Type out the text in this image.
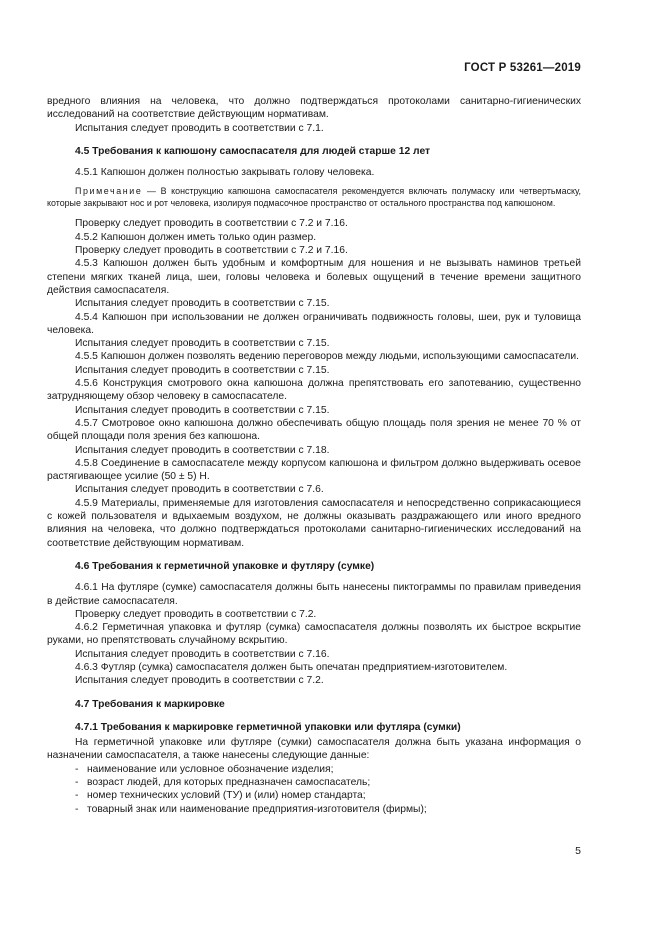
ГОСТ Р 53261—2019
вредного влияния на человека, что должно подтверждаться протоколами санитарно-гигиенических исследований на соответствие действующим нормативам.
Испытания следует проводить в соответствии с 7.1.
4.5 Требования к капюшону самоспасателя для людей старше 12 лет
4.5.1 Капюшон должен полностью закрывать голову человека.
Примечание — В конструкцию капюшона самоспасателя рекомендуется включать полумаску или четвертьмаску, которые закрывают нос и рот человека, изолируя подмасочное пространство от остального пространства под капюшоном.
Проверку следует проводить в соответствии с 7.2 и 7.16.
4.5.2 Капюшон должен иметь только один размер.
Проверку следует проводить в соответствии с 7.2 и 7.16.
4.5.3 Капюшон должен быть удобным и комфортным для ношения и не вызывать наминов третьей степени мягких тканей лица, шеи, головы человека и болевых ощущений в течение времени защитного действия самоспасателя.
Испытания следует проводить в соответствии с 7.15.
4.5.4 Капюшон при использовании не должен ограничивать подвижность головы, шеи, рук и туловища человека.
Испытания следует проводить в соответствии с 7.15.
4.5.5 Капюшон должен позволять ведению переговоров между людьми, использующими самоспасатели.
Испытания следует проводить в соответствии с 7.15.
4.5.6 Конструкция смотрового окна капюшона должна препятствовать его запотеванию, существенно затрудняющему обзор человеку в самоспасателе.
Испытания следует проводить в соответствии с 7.15.
4.5.7 Смотровое окно капюшона должно обеспечивать общую площадь поля зрения не менее 70 % от общей площади поля зрения без капюшона.
Испытания следует проводить в соответствии с 7.18.
4.5.8 Соединение в самоспасателе между корпусом капюшона и фильтром должно выдерживать осевое растягивающее усилие (50 ± 5) Н.
Испытания следует проводить в соответствии с 7.6.
4.5.9 Материалы, применяемые для изготовления самоспасателя и непосредственно соприкасающиеся с кожей пользователя и вдыхаемым воздухом, не должны оказывать раздражающего или иного вредного влияния на человека, что должно подтверждаться протоколами санитарно-гигиенических исследований на соответствие действующим нормативам.
4.6 Требования к герметичной упаковке и футляру (сумке)
4.6.1 На футляре (сумке) самоспасателя должны быть нанесены пиктограммы по правилам приведения в действие самоспасателя.
Проверку следует проводить в соответствии с 7.2.
4.6.2 Герметичная упаковка и футляр (сумка) самоспасателя должны позволять их быстрое вскрытие руками, но препятствовать случайному вскрытию.
Испытания следует проводить в соответствии с 7.16.
4.6.3 Футляр (сумка) самоспасателя должен быть опечатан предприятием-изготовителем.
Испытания следует проводить в соответствии с 7.2.
4.7 Требования к маркировке
4.7.1 Требования к маркировке герметичной упаковки или футляра (сумки)
На герметичной упаковке или футляре (сумки) самоспасателя должна быть указана информация о назначении самоспасателя, а также нанесены следующие данные:
- наименование или условное обозначение изделия;
- возраст людей, для которых предназначен самоспасатель;
- номер технических условий (ТУ) и (или) номер стандарта;
- товарный знак или наименование предприятия-изготовителя (фирмы);
5
